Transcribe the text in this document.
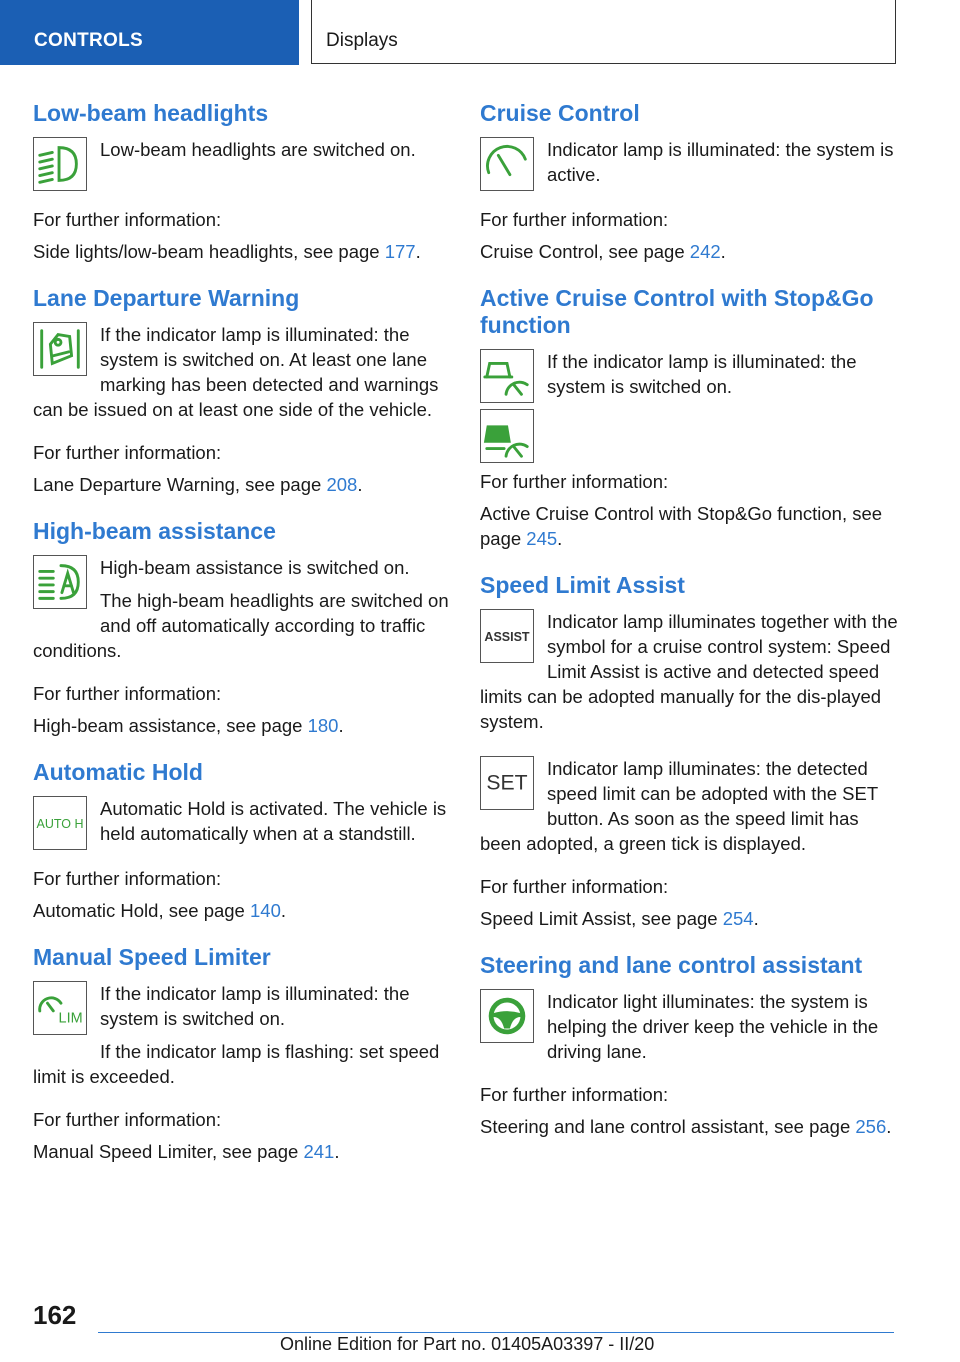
CONTROLS	Displays
Low-beam headlights

Low-beam headlights are switched on.

For further information:

Side lights/low-beam headlights, see page 177.

Lane Departure Warning

If the indicator lamp is illuminated: the system is switched on. At least one lane marking has been detected and warnings can be issued on at least one side of the vehicle.

For further information:

Lane Departure Warning, see page 208.

High-beam assistance

High-beam assistance is switched on.

The high-beam headlights are switched on and off automatically according to traffic conditions.

For further information:

High-beam assistance, see page 180.

Automatic Hold
AUTO H

Automatic Hold is activated. The vehicle is held automatically when at a standstill.

For further information:

Automatic Hold, see page 140.

Manual Speed Limiter
LIM

If the indicator lamp is illuminated: the system is switched on.

If the indicator lamp is flashing: set speed limit is exceeded.

For further information:

Manual Speed Limiter, see page 241.

Cruise Control

Indicator lamp is illuminated: the system is active.

For further information:

Cruise Control, see page 242.

Active Cruise Control with Stop&Go function

If the indicator lamp is illuminated: the system is switched on.

For further information:

Active Cruise Control with Stop&Go function, see page 245.

Speed Limit Assist
ASSIST

Indicator lamp illuminates together with the symbol for a cruise control system: Speed Limit Assist is active and detected speed limits can be adopted manually for the dis-played system.

SET

Indicator lamp illuminates: the detected speed limit can be adopted with the SET button. As soon as the speed limit has been adopted, a green tick is displayed.

For further information:

Speed Limit Assist, see page 254.

Steering and lane control assistant

Indicator light illuminates: the system is helping the driver keep the vehicle in the driving lane.

For further information:

Steering and lane control assistant, see page 256.

162
Online Edition for Part no. 01405A03397 - II/20
